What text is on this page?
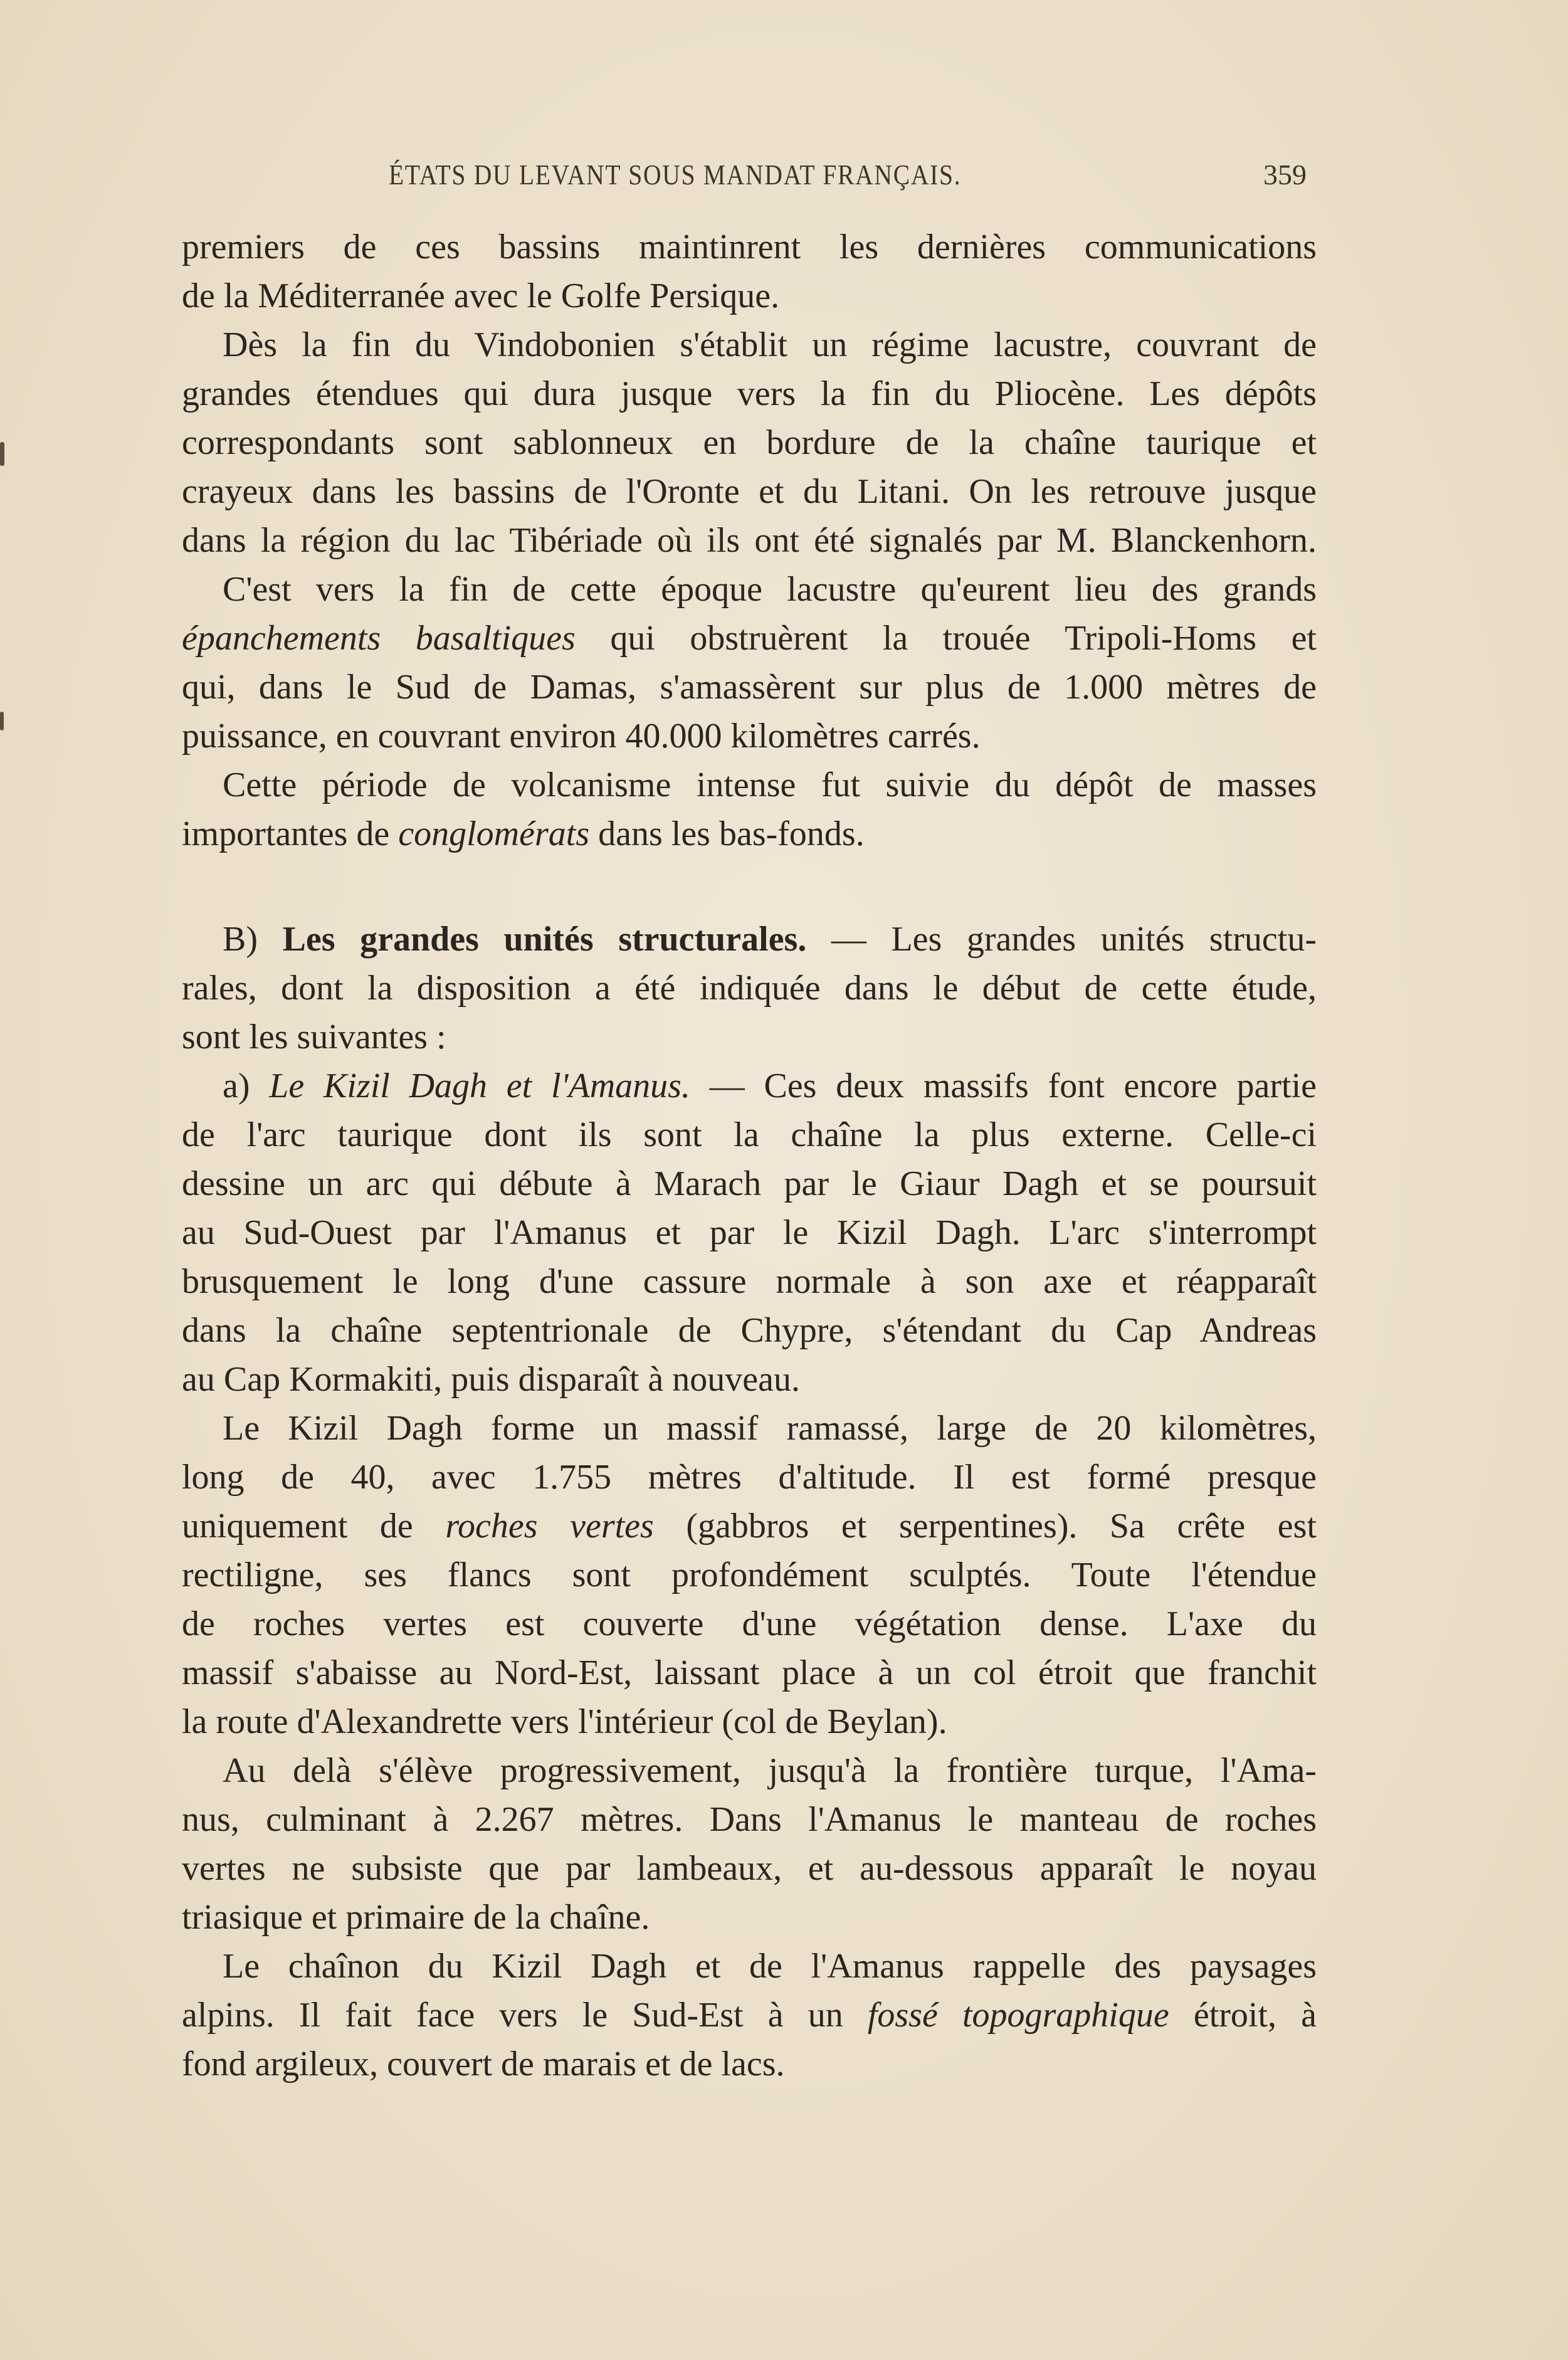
ÉTATS DU LEVANT SOUS MANDAT FRANÇAIS.	359
premiers de ces bassins maintinrent les dernières communications
de la Méditerranée avec le Golfe Persique.
Dès la fin du Vindobonien s'établit un régime lacustre, couvrant de
grandes étendues qui dura jusque vers la fin du Pliocène. Les dépôts
correspondants sont sablonneux en bordure de la chaîne taurique et
crayeux dans les bassins de l'Oronte et du Litani. On les retrouve jusque
dans la région du lac Tibériade où ils ont été signalés par M. Blanckenhorn.
C'est vers la fin de cette époque lacustre qu'eurent lieu des grands
épanchements basaltiques qui obstruèrent la trouée Tripoli-Homs et
qui, dans le Sud de Damas, s'amassèrent sur plus de 1.000 mètres de
puissance, en couvrant environ 40.000 kilomètres carrés.
Cette période de volcanisme intense fut suivie du dépôt de masses
importantes de conglomérats dans les bas-fonds.
B) Les grandes unités structurales. — Les grandes unités structu-
rales, dont la disposition a été indiquée dans le début de cette étude,
sont les suivantes :
a) Le Kizil Dagh et l'Amanus. — Ces deux massifs font encore partie
de l'arc taurique dont ils sont la chaîne la plus externe. Celle-ci
dessine un arc qui débute à Marach par le Giaur Dagh et se poursuit
au Sud-Ouest par l'Amanus et par le Kizil Dagh. L'arc s'interrompt
brusquement le long d'une cassure normale à son axe et réapparaît
dans la chaîne septentrionale de Chypre, s'étendant du Cap Andreas
au Cap Kormakiti, puis disparaît à nouveau.
Le Kizil Dagh forme un massif ramassé, large de 20 kilomètres,
long de 40, avec 1.755 mètres d'altitude. Il est formé presque
uniquement de roches vertes (gabbros et serpentines). Sa crête est
rectiligne, ses flancs sont profondément sculptés. Toute l'étendue
de roches vertes est couverte d'une végétation dense. L'axe du
massif s'abaisse au Nord-Est, laissant place à un col étroit que franchit
la route d'Alexandrette vers l'intérieur (col de Beylan).
Au delà s'élève progressivement, jusqu'à la frontière turque, l'Ama-
nus, culminant à 2.267 mètres. Dans l'Amanus le manteau de roches
vertes ne subsiste que par lambeaux, et au-dessous apparaît le noyau
triasique et primaire de la chaîne.
Le chaînon du Kizil Dagh et de l'Amanus rappelle des paysages
alpins. Il fait face vers le Sud-Est à un fossé topographique étroit, à
fond argileux, couvert de marais et de lacs.
